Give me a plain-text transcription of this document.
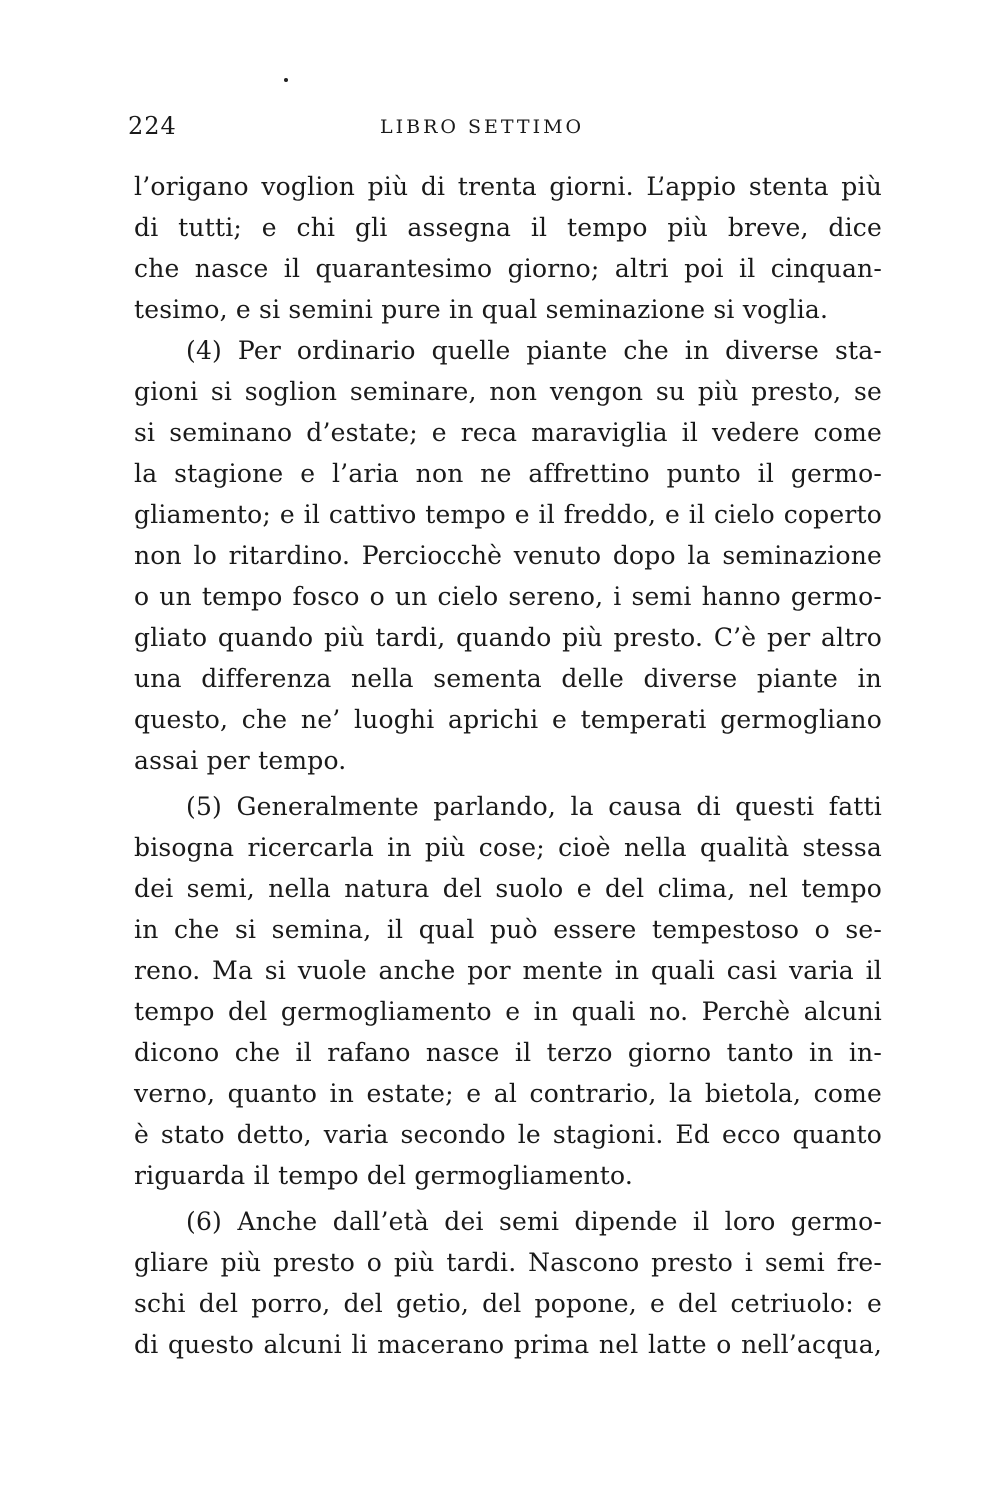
224	LIBRO SETTIMO
l’origano voglion più di trenta giorni. L’appio stenta più
di tutti; e chi gli assegna il tempo più breve, dice
che nasce il quarantesimo giorno; altri poi il cinquan-
tesimo, e si semini pure in qual seminazione si voglia.
(4) Per ordinario quelle piante che in diverse sta-
gioni si soglion seminare, non vengon su più presto, se
si seminano d’estate; e reca maraviglia il vedere come
la stagione e l’aria non ne affrettino punto il germo-
gliamento; e il cattivo tempo e il freddo, e il cielo coperto
non lo ritardino. Perciocchè venuto dopo la seminazione
o un tempo fosco o un cielo sereno, i semi hanno germo-
gliato quando più tardi, quando più presto. C’è per altro
una differenza nella sementa delle diverse piante in
questo, che ne’ luoghi aprichi e temperati germogliano
assai per tempo.
(5) Generalmente parlando, la causa di questi fatti
bisogna ricercarla in più cose; cioè nella qualità stessa
dei semi, nella natura del suolo e del clima, nel tempo
in che si semina, il qual può essere tempestoso o se-
reno. Ma si vuole anche por mente in quali casi varia il
tempo del germogliamento e in quali no. Perchè alcuni
dicono che il rafano nasce il terzo giorno tanto in in-
verno, quanto in estate; e al contrario, la bietola, come
è stato detto, varia secondo le stagioni. Ed ecco quanto
riguarda il tempo del germogliamento.
(6) Anche dall’età dei semi dipende il loro germo-
gliare più presto o più tardi. Nascono presto i semi fre-
schi del porro, del getio, del popone, e del cetriuolo: e
di questo alcuni li macerano prima nel latte o nell’acqua,
